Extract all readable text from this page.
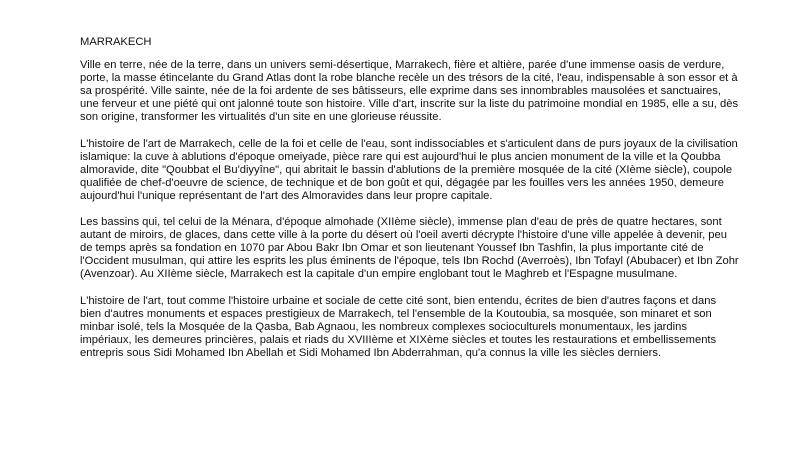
MARRAKECH

Ville en terre, née de la terre, dans un univers semi-désertique, Marrakech, fière et altière, parée d'une immense oasis de verdure, porte, la masse étincelante du Grand Atlas dont la robe blanche recèle un des trésors de la cité, l'eau, indispensable à son essor et à sa prospérité. Ville sainte, née de la foi ardente de ses bâtisseurs, elle exprime dans ses innombrables mausolées et sanctuaires, une ferveur et une piété qui ont jalonné toute son histoire. Ville d'art, inscrite sur la liste du patrimoine mondial en 1985, elle a su, dès son origine, transformer les virtualités d'un site en une glorieuse réussite.

L'histoire de l'art de Marrakech, celle de la foi et celle de l'eau, sont indissociables et s'articulent dans de purs joyaux de la civilisation islamique: la cuve à ablutions d'époque omeiyade, pièce rare qui est aujourd'hui le plus ancien monument de la ville et la Qoubba almoravide, dite "Qoubbat el Bu'diyyîne", qui abritait le bassin d'ablutions de la première mosquée de la cité (XIème siècle), coupole qualifiée de chef-d'oeuvre de science, de technique et de bon goût et qui, dégagée par les fouilles vers les années 1950, demeure aujourd'hui l'unique représentant de l'art des Almoravides dans leur propre capitale.

Les bassins qui, tel celui de la Ménara, d'époque almohade (XIIème siècle), immense plan d'eau de près de quatre hectares, sont autant de miroirs, de glaces, dans cette ville à la porte du désert où l'oeil averti décrypte l'histoire d'une ville appelée à devenir, peu de temps après sa fondation en 1070 par Abou Bakr Ibn Omar et son lieutenant Youssef Ibn Tashfin, la plus importante cité de l'Occident musulman, qui attire les esprits les plus éminents de l'époque, tels Ibn Rochd (Averroès), Ibn Tofayl (Abubacer) et Ibn Zohr (Avenzoar). Au XIIème siècle, Marrakech est la capitale d'un empire englobant tout le Maghreb et l'Espagne musulmane.

L'histoire de l'art, tout comme l'histoire urbaine et sociale de cette cité sont, bien entendu, écrites de bien d'autres façons et dans bien d'autres monuments et espaces prestigieux de Marrakech, tel l'ensemble de la Koutoubia, sa mosquée, son minaret et son minbar isolé, tels la Mosquée de la Qasba, Bab Agnaou, les nombreux complexes socioculturels monumentaux, les jardins impériaux, les demeures princières, palais et riads du XVIIIème et XIXème siècles et toutes les restaurations et embellissements entrepris sous Sidi Mohamed Ibn Abellah et Sidi Mohamed Ibn Abderrahman, qu'a connus la ville les siècles derniers.
